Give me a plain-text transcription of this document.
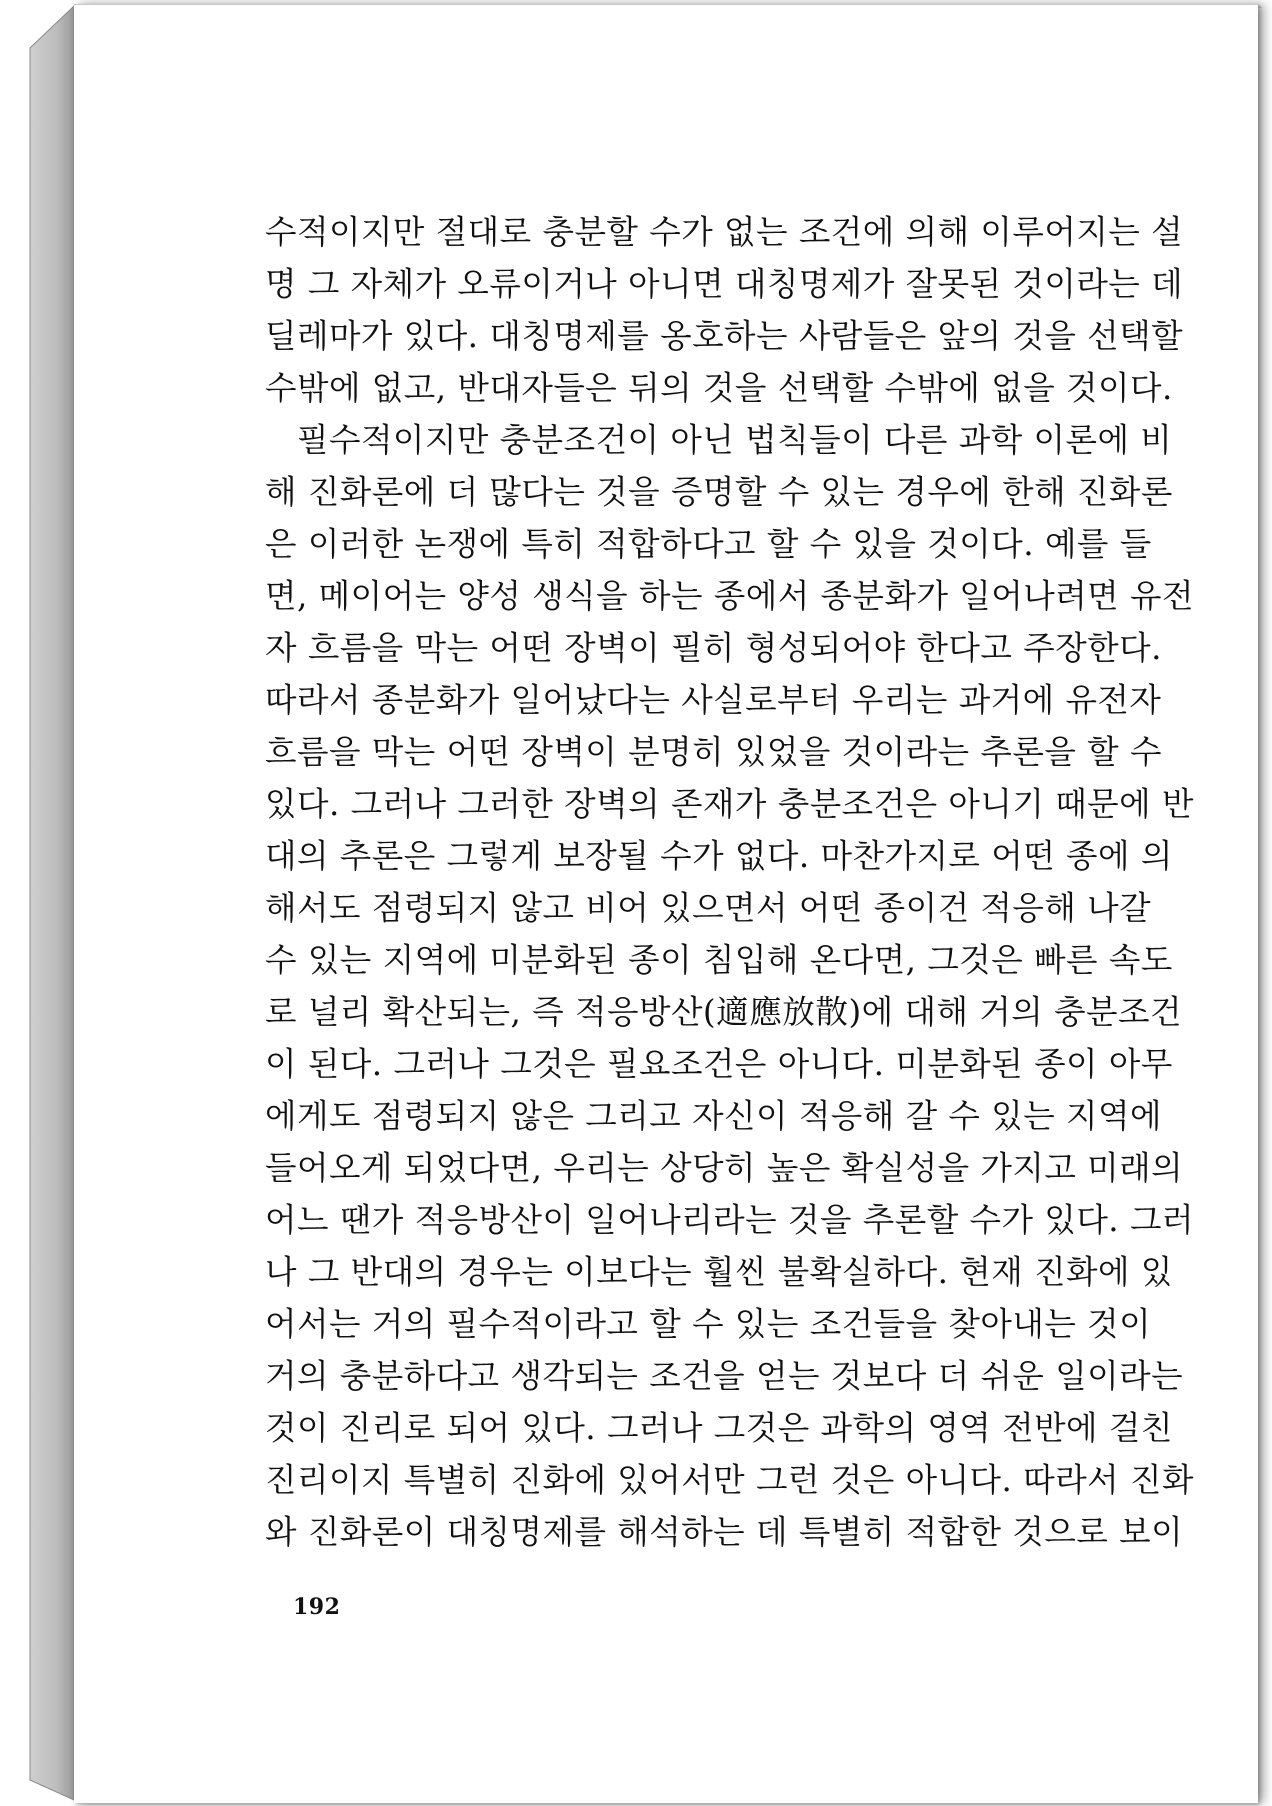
수적이지만 절대로 충분할 수가 없는 조건에 의해 이루어지는 설
명 그 자체가 오류이거나 아니면 대칭명제가 잘못된 것이라는 데
딜레마가 있다. 대칭명제를 옹호하는 사람들은 앞의 것을 선택할
수밖에 없고, 반대자들은 뒤의 것을 선택할 수밖에 없을 것이다.
필수적이지만 충분조건이 아닌 법칙들이 다른 과학 이론에 비
해 진화론에 더 많다는 것을 증명할 수 있는 경우에 한해 진화론
은 이러한 논쟁에 특히 적합하다고 할 수 있을 것이다. 예를 들
면, 메이어는 양성 생식을 하는 종에서 종분화가 일어나려면 유전
자 흐름을 막는 어떤 장벽이 필히 형성되어야 한다고 주장한다.
따라서 종분화가 일어났다는 사실로부터 우리는 과거에 유전자
흐름을 막는 어떤 장벽이 분명히 있었을 것이라는 추론을 할 수
있다. 그러나 그러한 장벽의 존재가 충분조건은 아니기 때문에 반
대의 추론은 그렇게 보장될 수가 없다. 마찬가지로 어떤 종에 의
해서도 점령되지 않고 비어 있으면서 어떤 종이건 적응해 나갈
수 있는 지역에 미분화된 종이 침입해 온다면, 그것은 빠른 속도
로 널리 확산되는, 즉 적응방산(適應放散)에 대해 거의 충분조건
이 된다. 그러나 그것은 필요조건은 아니다. 미분화된 종이 아무
에게도 점령되지 않은 그리고 자신이 적응해 갈 수 있는 지역에
들어오게 되었다면, 우리는 상당히 높은 확실성을 가지고 미래의
어느 땐가 적응방산이 일어나리라는 것을 추론할 수가 있다. 그러
나 그 반대의 경우는 이보다는 훨씬 불확실하다. 현재 진화에 있
어서는 거의 필수적이라고 할 수 있는 조건들을 찾아내는 것이
거의 충분하다고 생각되는 조건을 얻는 것보다 더 쉬운 일이라는
것이 진리로 되어 있다. 그러나 그것은 과학의 영역 전반에 걸친
진리이지 특별히 진화에 있어서만 그런 것은 아니다. 따라서 진화
와 진화론이 대칭명제를 해석하는 데 특별히 적합한 것으로 보이
192
